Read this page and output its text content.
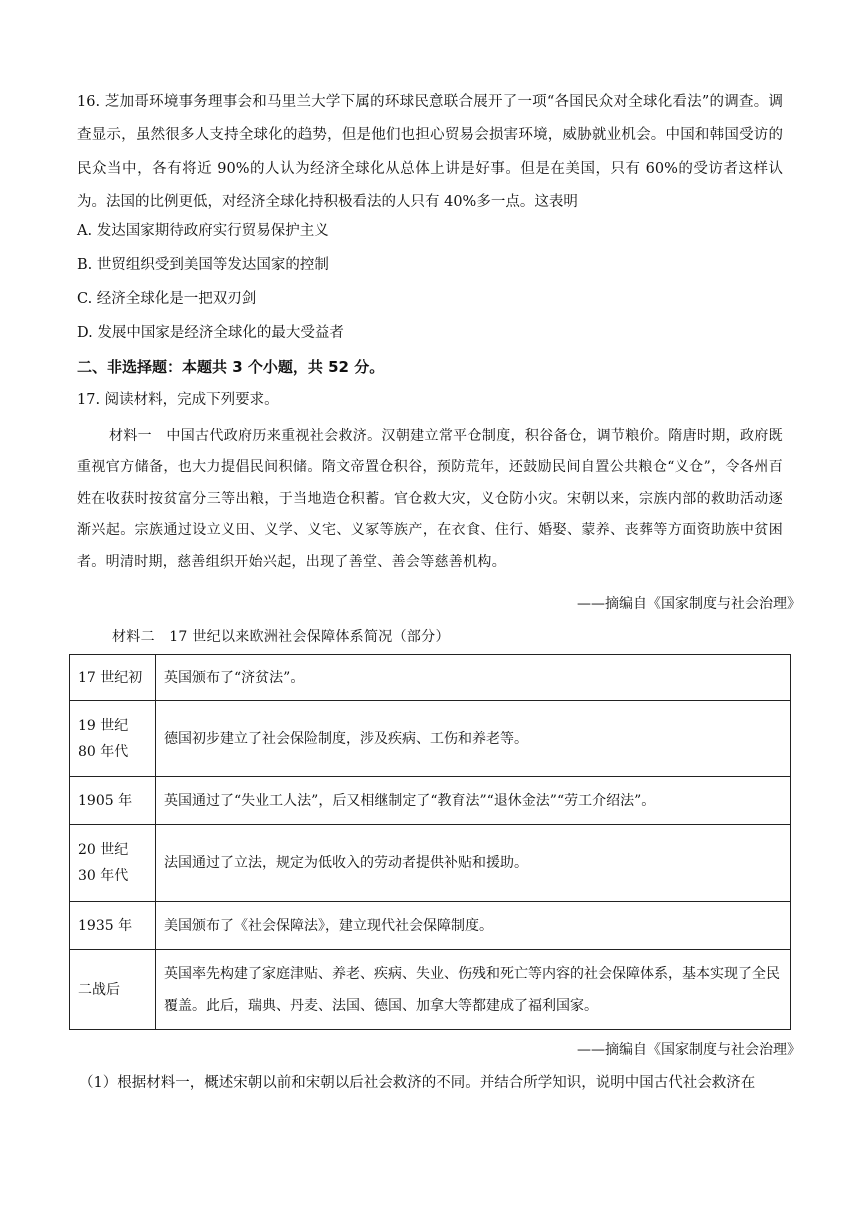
16. 芝加哥环境事务理事会和马里兰大学下属的环球民意联合展开了一项“各国民众对全球化看法”的调查。调查显示，虽然很多人支持全球化的趋势，但是他们也担心贸易会损害环境，威胁就业机会。中国和韩国受访的民众当中，各有将近 90%的人认为经济全球化从总体上讲是好事。但是在美国，只有 60%的受访者这样认为。法国的比例更低，对经济全球化持积极看法的人只有 40%多一点。这表明
A. 发达国家期待政府实行贸易保护主义
B. 世贸组织受到美国等发达国家的控制
C. 经济全球化是一把双刃剑
D. 发展中国家是经济全球化的最大受益者
二、非选择题：本题共 3 个小题，共 52 分。
17. 阅读材料，完成下列要求。
材料一　中国古代政府历来重视社会救济。汉朝建立常平仓制度，积谷备仓，调节粮价。隋唐时期，政府既重视官方储备，也大力提倡民间积储。隋文帝置仓积谷，预防荒年，还鼓励民间自置公共粮仓“义仓”，令各州百姓在收获时按贫富分三等出粮，于当地造仓积蓄。官仓救大灾，义仓防小灾。宋朝以来，宗族内部的救助活动逐渐兴起。宗族通过设立义田、义学、义宅、义冢等族产，在衣食、住行、婚娶、蒙养、丧葬等方面资助族中贫困者。明清时期，慈善组织开始兴起，出现了善堂、善会等慈善机构。
——摘编自《国家制度与社会治理》
材料二　17 世纪以来欧洲社会保障体系简况（部分）
17 世纪初	英国颁布了“济贫法”。
19 世纪 80 年代	德国初步建立了社会保险制度，涉及疾病、工伤和养老等。
1905 年	英国通过了“失业工人法”，后又相继制定了“教育法”“退休金法”“劳工介绍法”。
20 世纪 30 年代	法国通过了立法，规定为低收入的劳动者提供补贴和援助。
1935 年	美国颁布了《社会保障法》，建立现代社会保障制度。
二战后	英国率先构建了家庭津贴、养老、疾病、失业、伤残和死亡等内容的社会保障体系，基本实现了全民覆盖。此后，瑞典、丹麦、法国、德国、加拿大等都建成了福利国家。
——摘编自《国家制度与社会治理》
（1）根据材料一，概述宋朝以前和宋朝以后社会救济的不同。并结合所学知识，说明中国古代社会救济在
